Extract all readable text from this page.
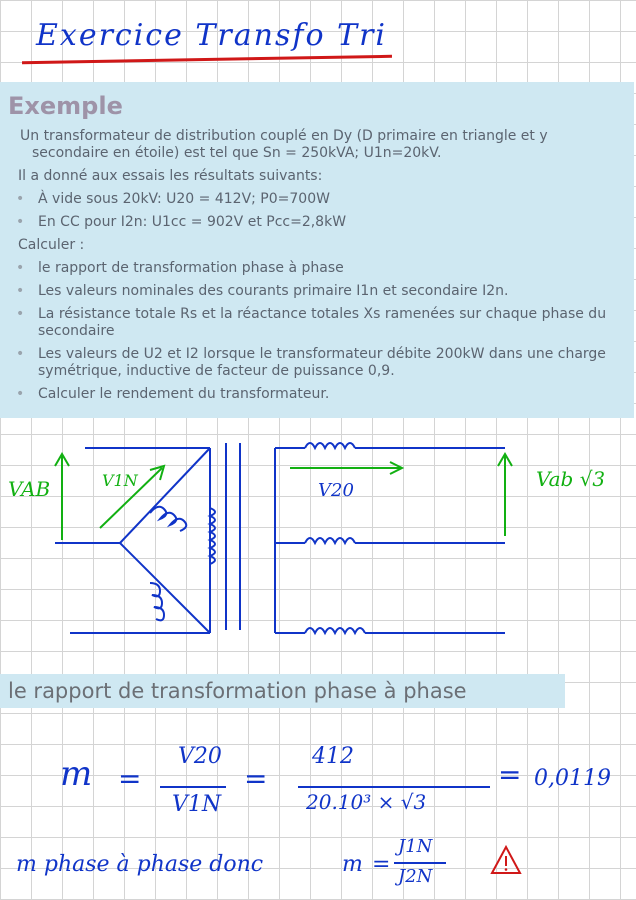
Exercice Transfo Tri
Exemple

Un transformateur de distribution couplé en Dy (D primaire en triangle et y
secondaire en étoile) est tel que Sn = 250kVA; U1n=20kV.

Il a donné aux essais les résultats suivants:

• À vide sous 20kV: U20 = 412V; P0=700W
• En CC pour I2n: U1cc = 902V et Pcc=2,8kW

Calculer :

• le rapport de transformation phase à phase
• Les valeurs nominales des courants primaire I1n et secondaire I2n.
• La résistance totale Rs et la réactance totales Xs ramenées sur chaque phase du secondaire
• Les valeurs de U2 et I2 lorsque le transformateur débite 200kW dans une charge symétrique, inductive de facteur de puissance 0,9.
• Calculer le rendement du transformateur.
VAB	V1N	V20	Vab √3
le rapport de transformation phase à phase
m =
V20
V1N
=
412
20.10³ × √3
= 0,0119
m phase à phase donc	m =
J1N
J2N
